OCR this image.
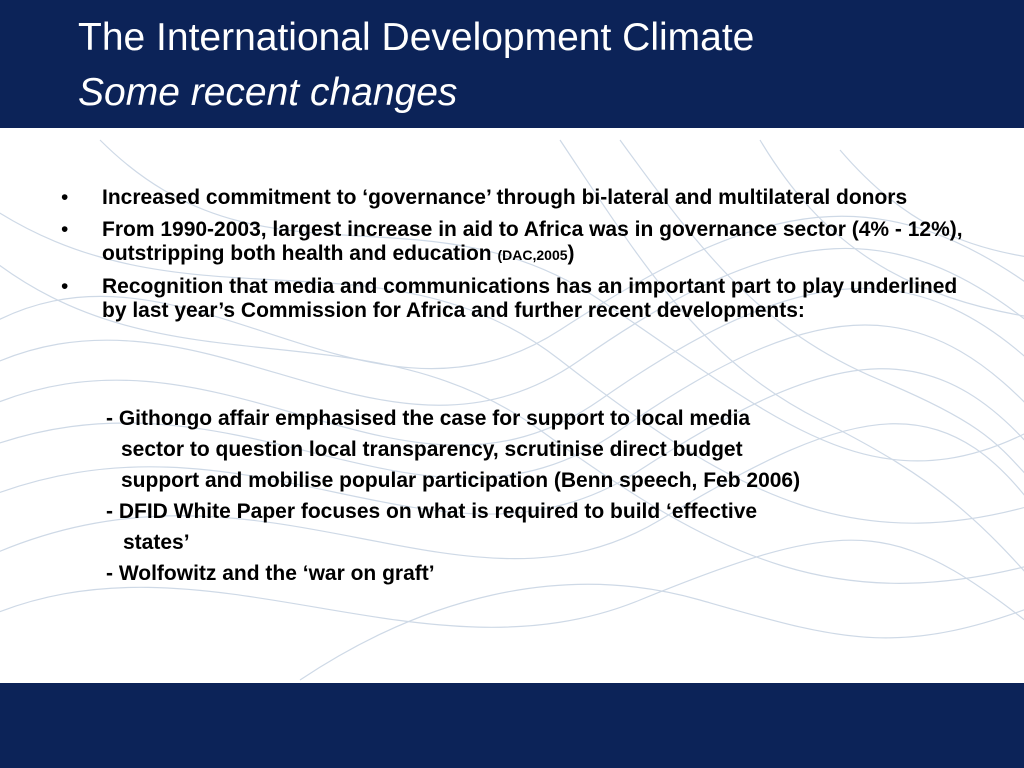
The International Development Climate
Some recent changes
• Increased commitment to ‘governance’ through bi-lateral and multilateral donors
• From 1990-2003, largest increase in aid to Africa was in governance sector (4% - 12%), outstripping both health and education (DAC,2005)
• Recognition that media and communications has an important part to play underlined by last year’s Commission for Africa and further recent developments:
- Githongo affair emphasised the case for support to local media
sector to question local transparency, scrutinise direct budget
support and mobilise popular participation (Benn speech, Feb 2006)
- DFID White Paper focuses on what is required to build ‘effective
states’
- Wolfowitz and the ‘war on graft’
